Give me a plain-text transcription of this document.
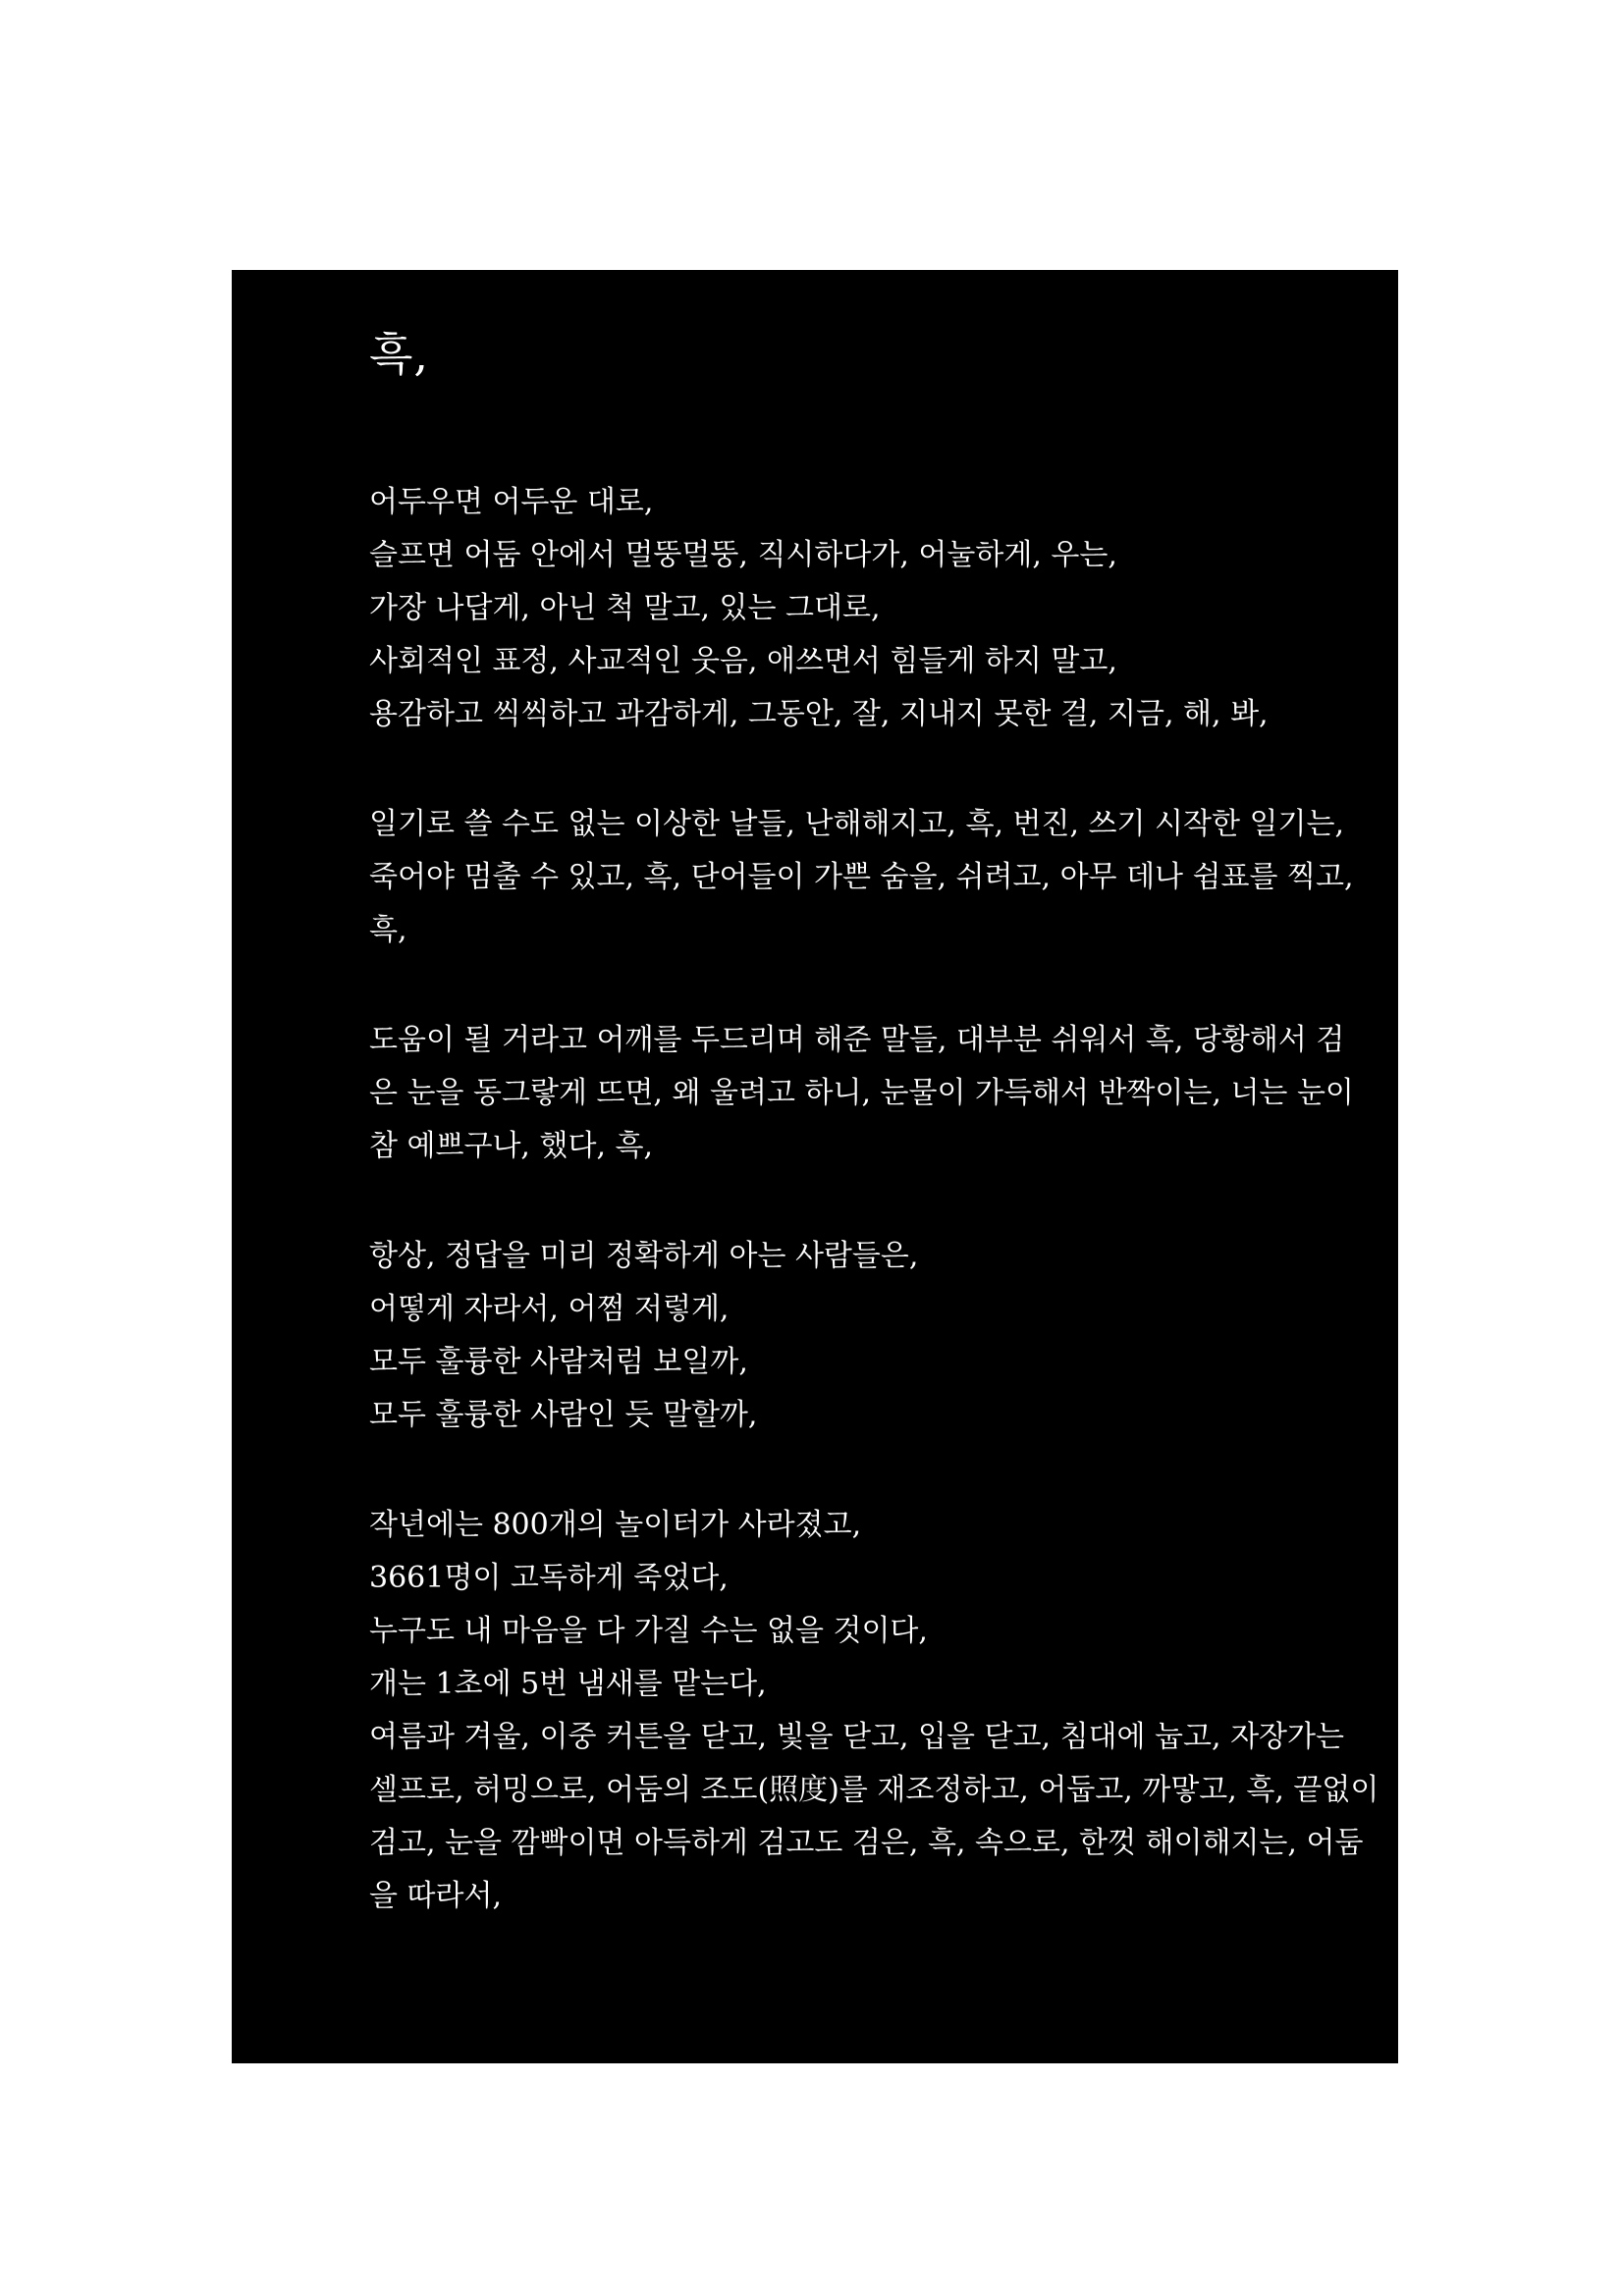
흑,
어두우면 어두운 대로,
슬프면 어둠 안에서 멀뚱멀뚱, 직시하다가, 어눌하게, 우는,
가장 나답게, 아닌 척 말고, 있는 그대로,
사회적인 표정, 사교적인 웃음, 애쓰면서 힘들게 하지 말고,
용감하고 씩씩하고 과감하게, 그동안, 잘, 지내지 못한 걸, 지금, 해, 봐,
일기로 쓸 수도 없는 이상한 날들, 난해해지고, 흑, 번진, 쓰기 시작한 일기는,
죽어야 멈출 수 있고, 흑, 단어들이 가쁜 숨을, 쉬려고, 아무 데나 쉼표를 찍고,
흑,
도움이 될 거라고 어깨를 두드리며 해준 말들, 대부분 쉬워서 흑, 당황해서 검
은 눈을 동그랗게 뜨면, 왜 울려고 하니, 눈물이 가득해서 반짝이는, 너는 눈이
참 예쁘구나, 했다, 흑,
항상, 정답을 미리 정확하게 아는 사람들은,
어떻게 자라서, 어쩜 저렇게,
모두 훌륭한 사람처럼 보일까,
모두 훌륭한 사람인 듯 말할까,
작년에는 800개의 놀이터가 사라졌고,
3661명이 고독하게 죽었다,
누구도 내 마음을 다 가질 수는 없을 것이다,
개는 1초에 5번 냄새를 맡는다,
여름과 겨울, 이중 커튼을 닫고, 빛을 닫고, 입을 닫고, 침대에 눕고, 자장가는
셀프로, 허밍으로, 어둠의 조도(照度)를 재조정하고, 어둡고, 까맣고, 흑, 끝없이
검고, 눈을 깜빡이면 아득하게 검고도 검은, 흑, 속으로, 한껏 해이해지는, 어둠
을 따라서,
